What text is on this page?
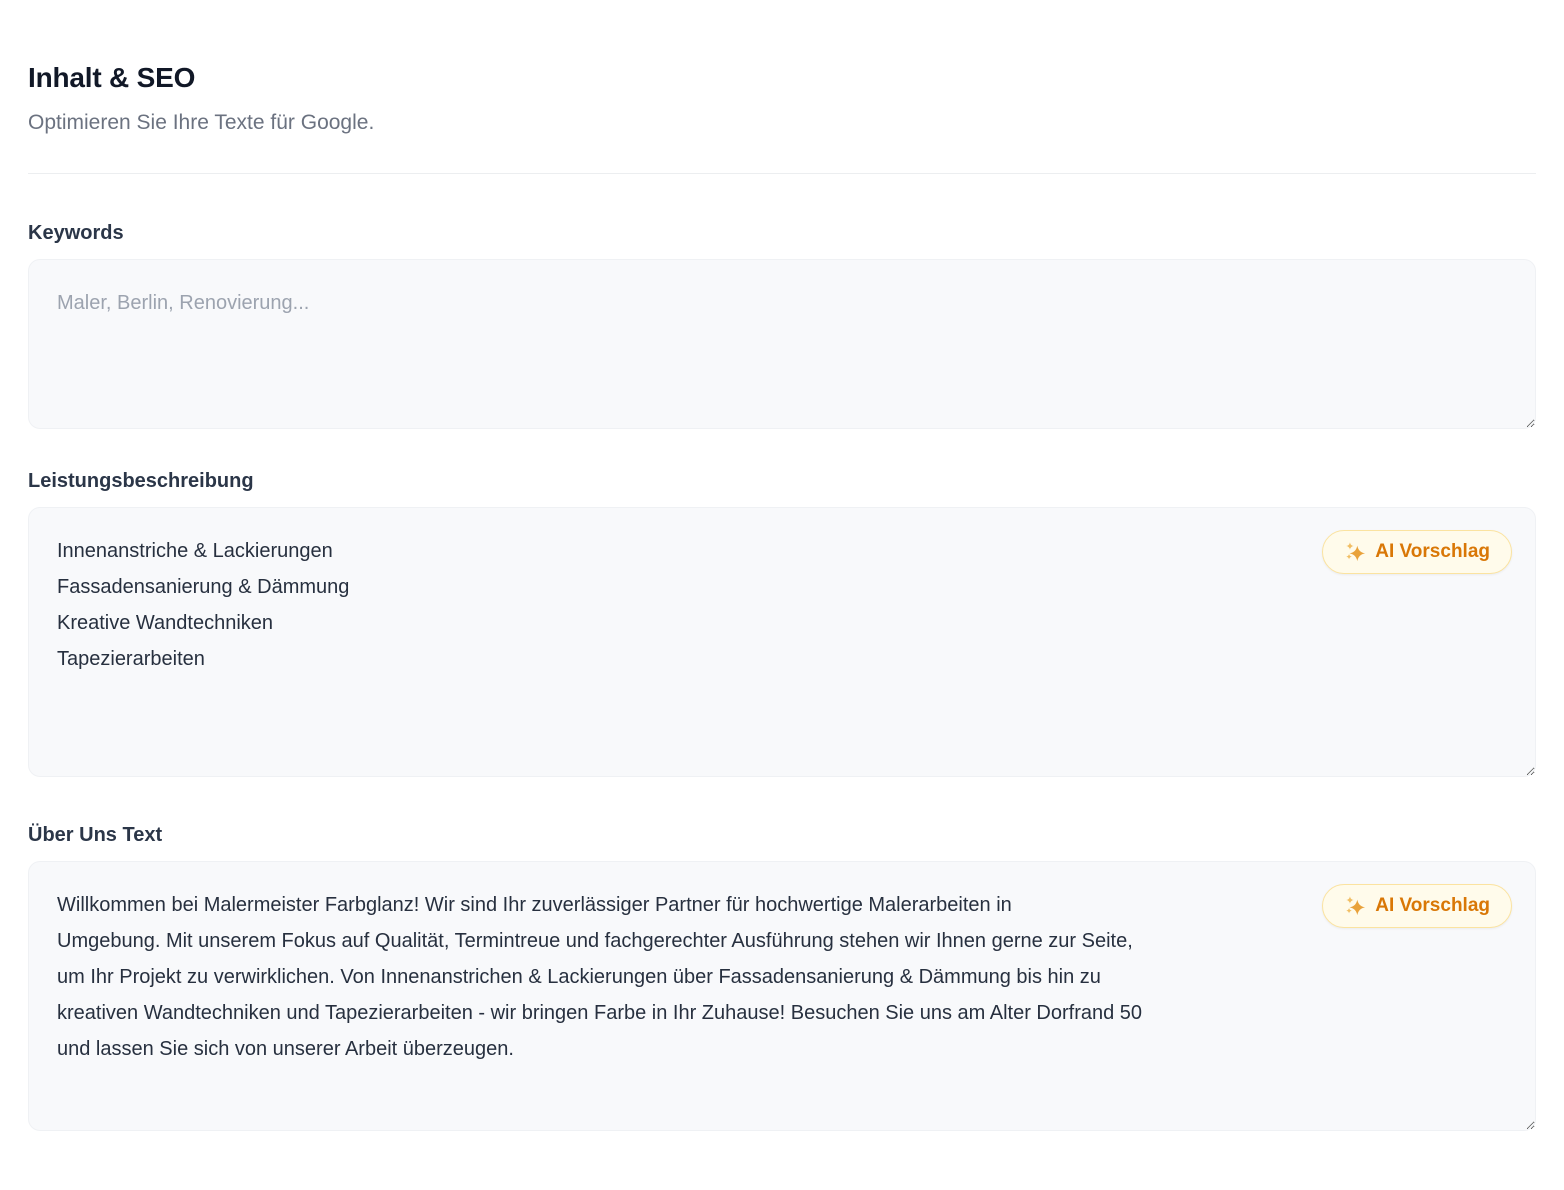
Inhalt & SEO

Optimieren Sie Ihre Texte für Google.

Keywords
Maler, Berlin, Renovierung...
Leistungsbeschreibung
Innenanstriche & Lackierungen Fassadensanierung & Dämmung Kreative Wandtechniken Tapezierarbeiten
AI Vorschlag
Über Uns Text
Willkommen bei Malermeister Farbglanz! Wir sind Ihr zuverlässiger Partner für hochwertige Malerarbeiten in Umgebung. Mit unserem Fokus auf Qualität, Termintreue und fachgerechter Ausführung stehen wir Ihnen gerne zur Seite, um Ihr Projekt zu verwirklichen. Von Innenanstrichen & Lackierungen über Fassadensanierung & Dämmung bis hin zu kreativen Wandtechniken und Tapezierarbeiten - wir bringen Farbe in Ihr Zuhause! Besuchen Sie uns am Alter Dorfrand 50 und lassen Sie sich von unserer Arbeit überzeugen.
AI Vorschlag
